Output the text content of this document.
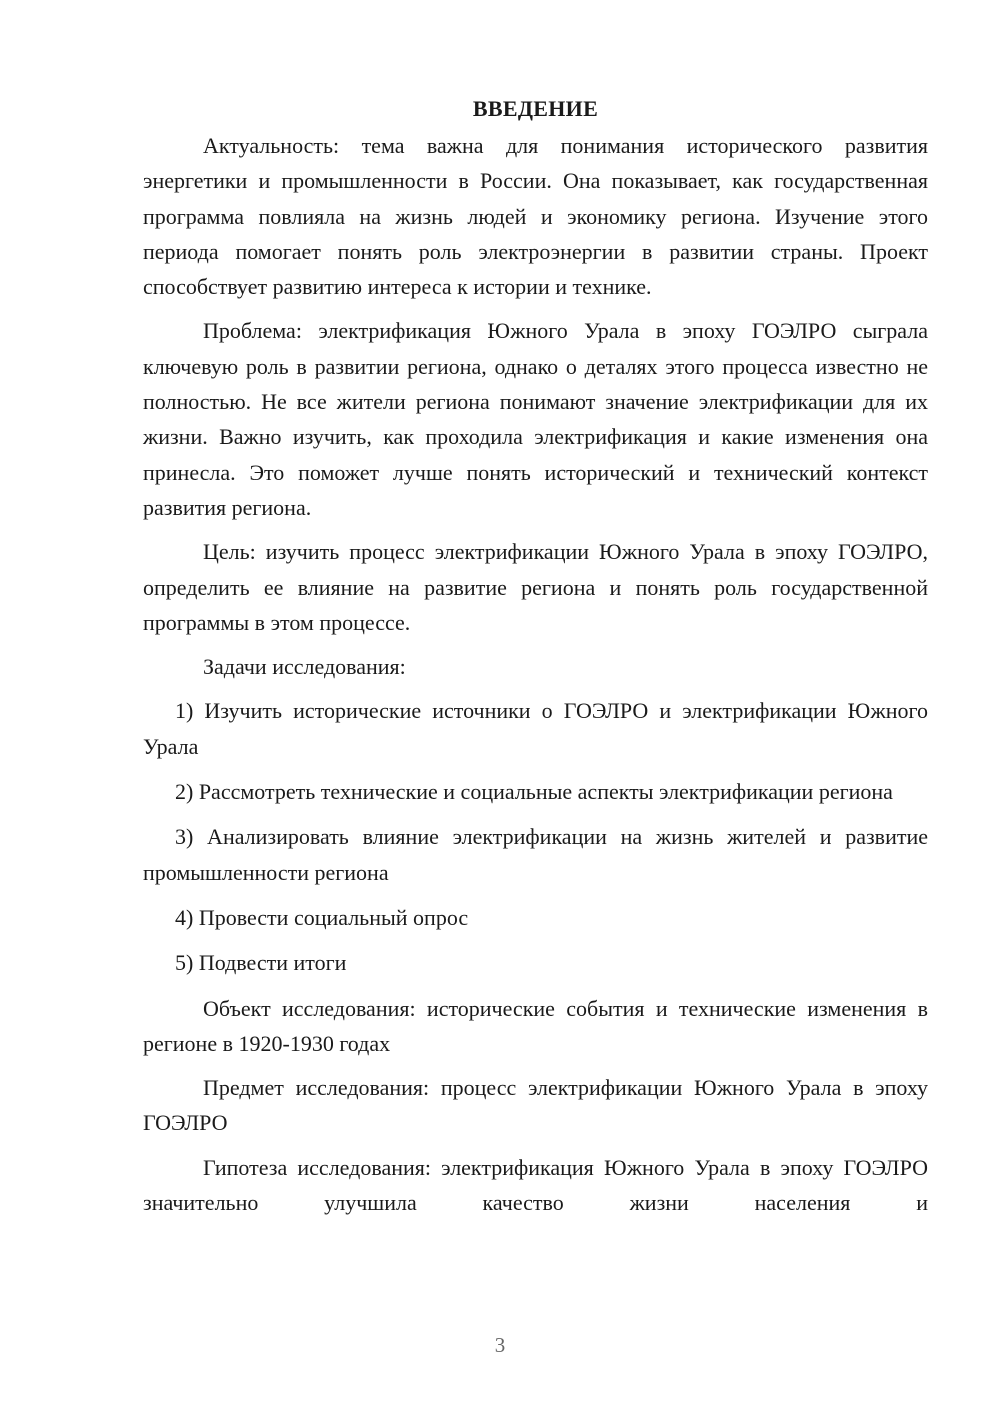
ВВЕДЕНИЕ

Актуальность: тема важна для понимания исторического развития энергетики и промышленности в России. Она показывает, как государственная программа повлияла на жизнь людей и экономику региона. Изучение этого периода помогает понять роль электроэнергии в развитии страны. Проект способствует развитию интереса к истории и технике.

Проблема: электрификация Южного Урала в эпоху ГОЭЛРО сыграла ключевую роль в развитии региона, однако о деталях этого процесса известно не полностью. Не все жители региона понимают значение электрификации для их жизни. Важно изучить, как проходила электрификация и какие изменения она принесла. Это поможет лучше понять исторический и технический контекст развития региона.

Цель: изучить процесс электрификации Южного Урала в эпоху ГОЭЛРО, определить ее влияние на развитие региона и понять роль государственной программы в этом процессе.

Задачи исследования:

1) Изучить исторические источники о ГОЭЛРО и электрификации Южного Урала

2) Рассмотреть технические и социальные аспекты электрификации региона

3) Анализировать влияние электрификации на жизнь жителей и развитие промышленности региона

4) Провести социальный опрос

5) Подвести итоги

Объект исследования: исторические события и технические изменения в регионе в 1920-1930 годах

Предмет исследования: процесс электрификации Южного Урала в эпоху ГОЭЛРО

Гипотеза исследования: электрификация Южного Урала в эпоху ГОЭЛРО значительно улучшила качество жизни населения и

3
